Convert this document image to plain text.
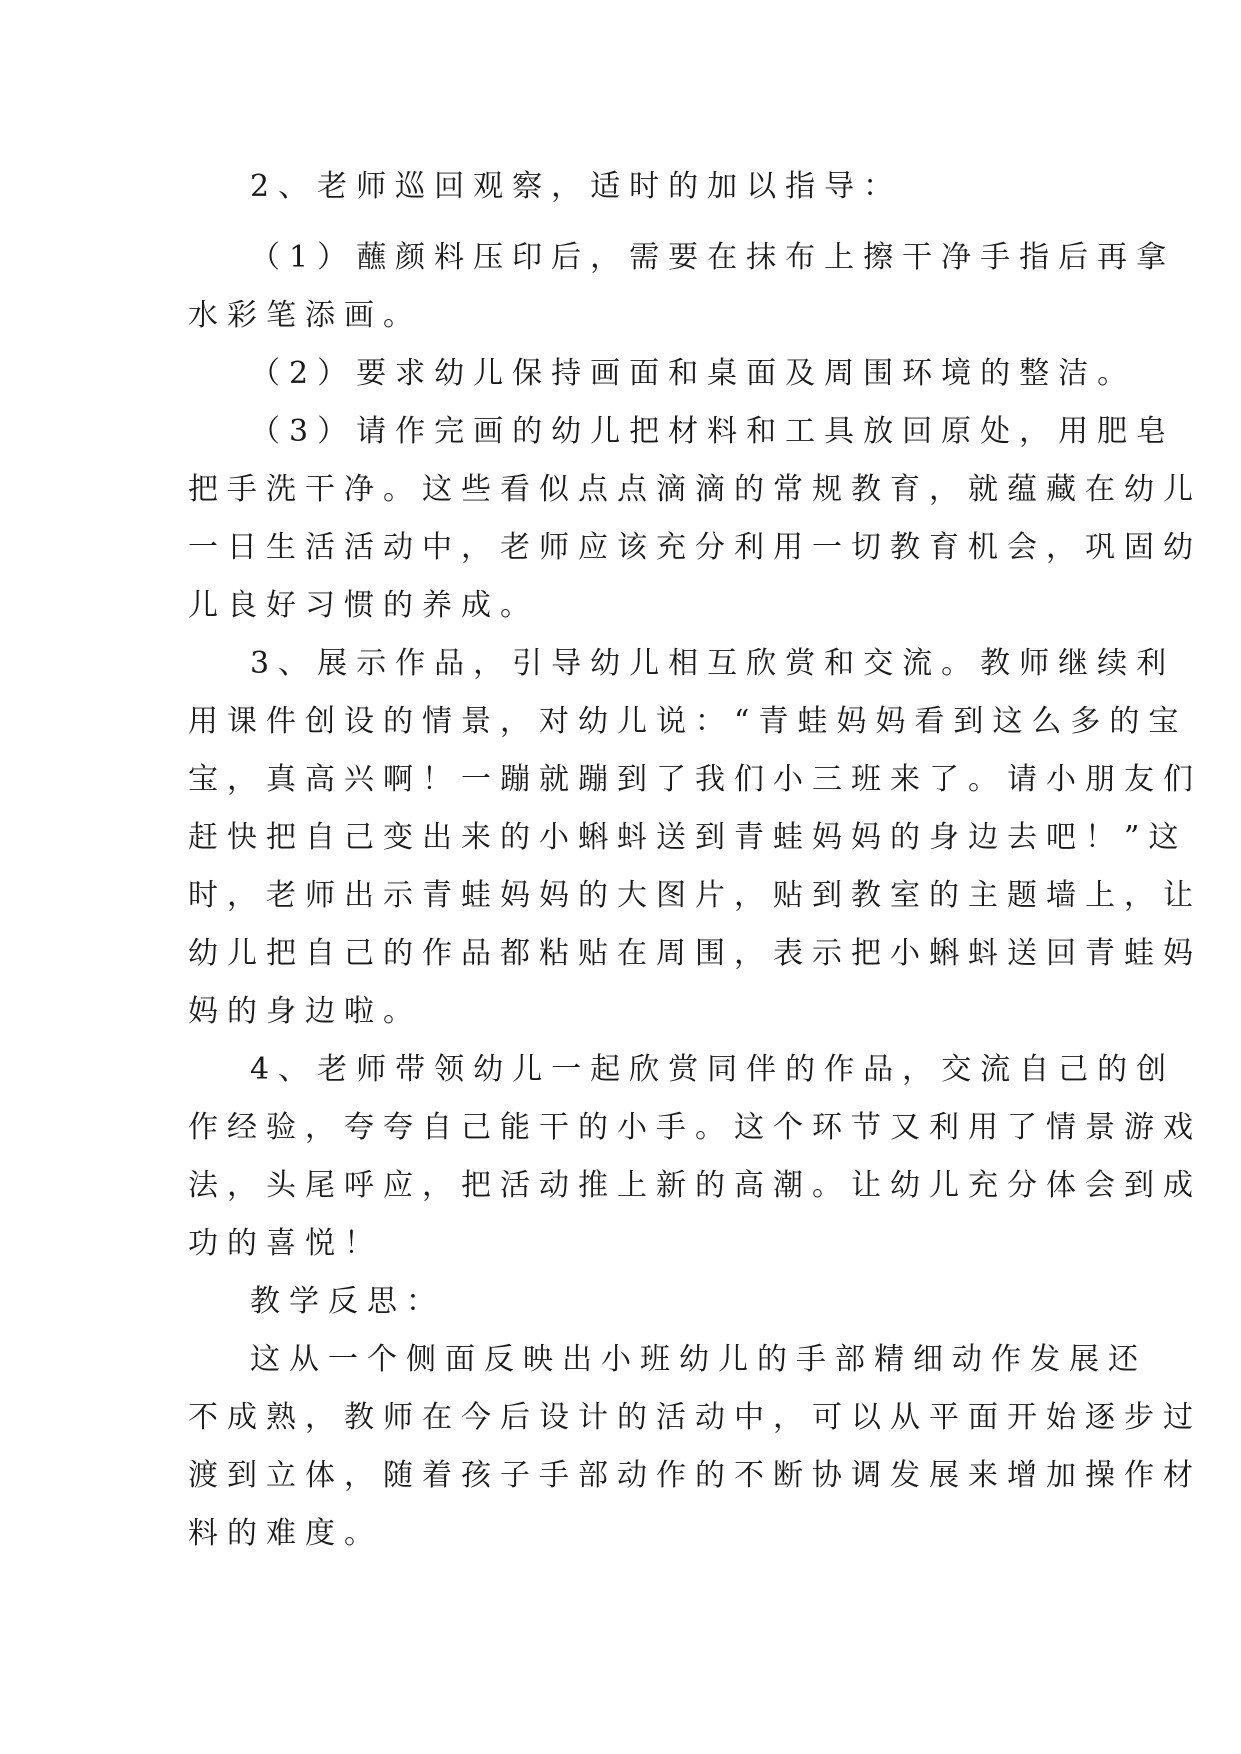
2、老师巡回观察，适时的加以指导：
（1）蘸颜料压印后，需要在抹布上擦干净手指后再拿
水彩笔添画。
（2）要求幼儿保持画面和桌面及周围环境的整洁。
（3）请作完画的幼儿把材料和工具放回原处，用肥皂
把手洗干净。这些看似点点滴滴的常规教育，就蕴藏在幼儿
一日生活活动中，老师应该充分利用一切教育机会，巩固幼
儿良好习惯的养成。
3、展示作品，引导幼儿相互欣赏和交流。教师继续利
用课件创设的情景，对幼儿说：“青蛙妈妈看到这么多的宝
宝，真高兴啊！一蹦就蹦到了我们小三班来了。请小朋友们
赶快把自己变出来的小蝌蚪送到青蛙妈妈的身边去吧！”这
时，老师出示青蛙妈妈的大图片，贴到教室的主题墙上，让
幼儿把自己的作品都粘贴在周围，表示把小蝌蚪送回青蛙妈
妈的身边啦。
4、老师带领幼儿一起欣赏同伴的作品，交流自己的创
作经验，夸夸自己能干的小手。这个环节又利用了情景游戏
法，头尾呼应，把活动推上新的高潮。让幼儿充分体会到成
功的喜悦！
教学反思：
这从一个侧面反映出小班幼儿的手部精细动作发展还
不成熟，教师在今后设计的活动中，可以从平面开始逐步过
渡到立体，随着孩子手部动作的不断协调发展来增加操作材
料的难度。
